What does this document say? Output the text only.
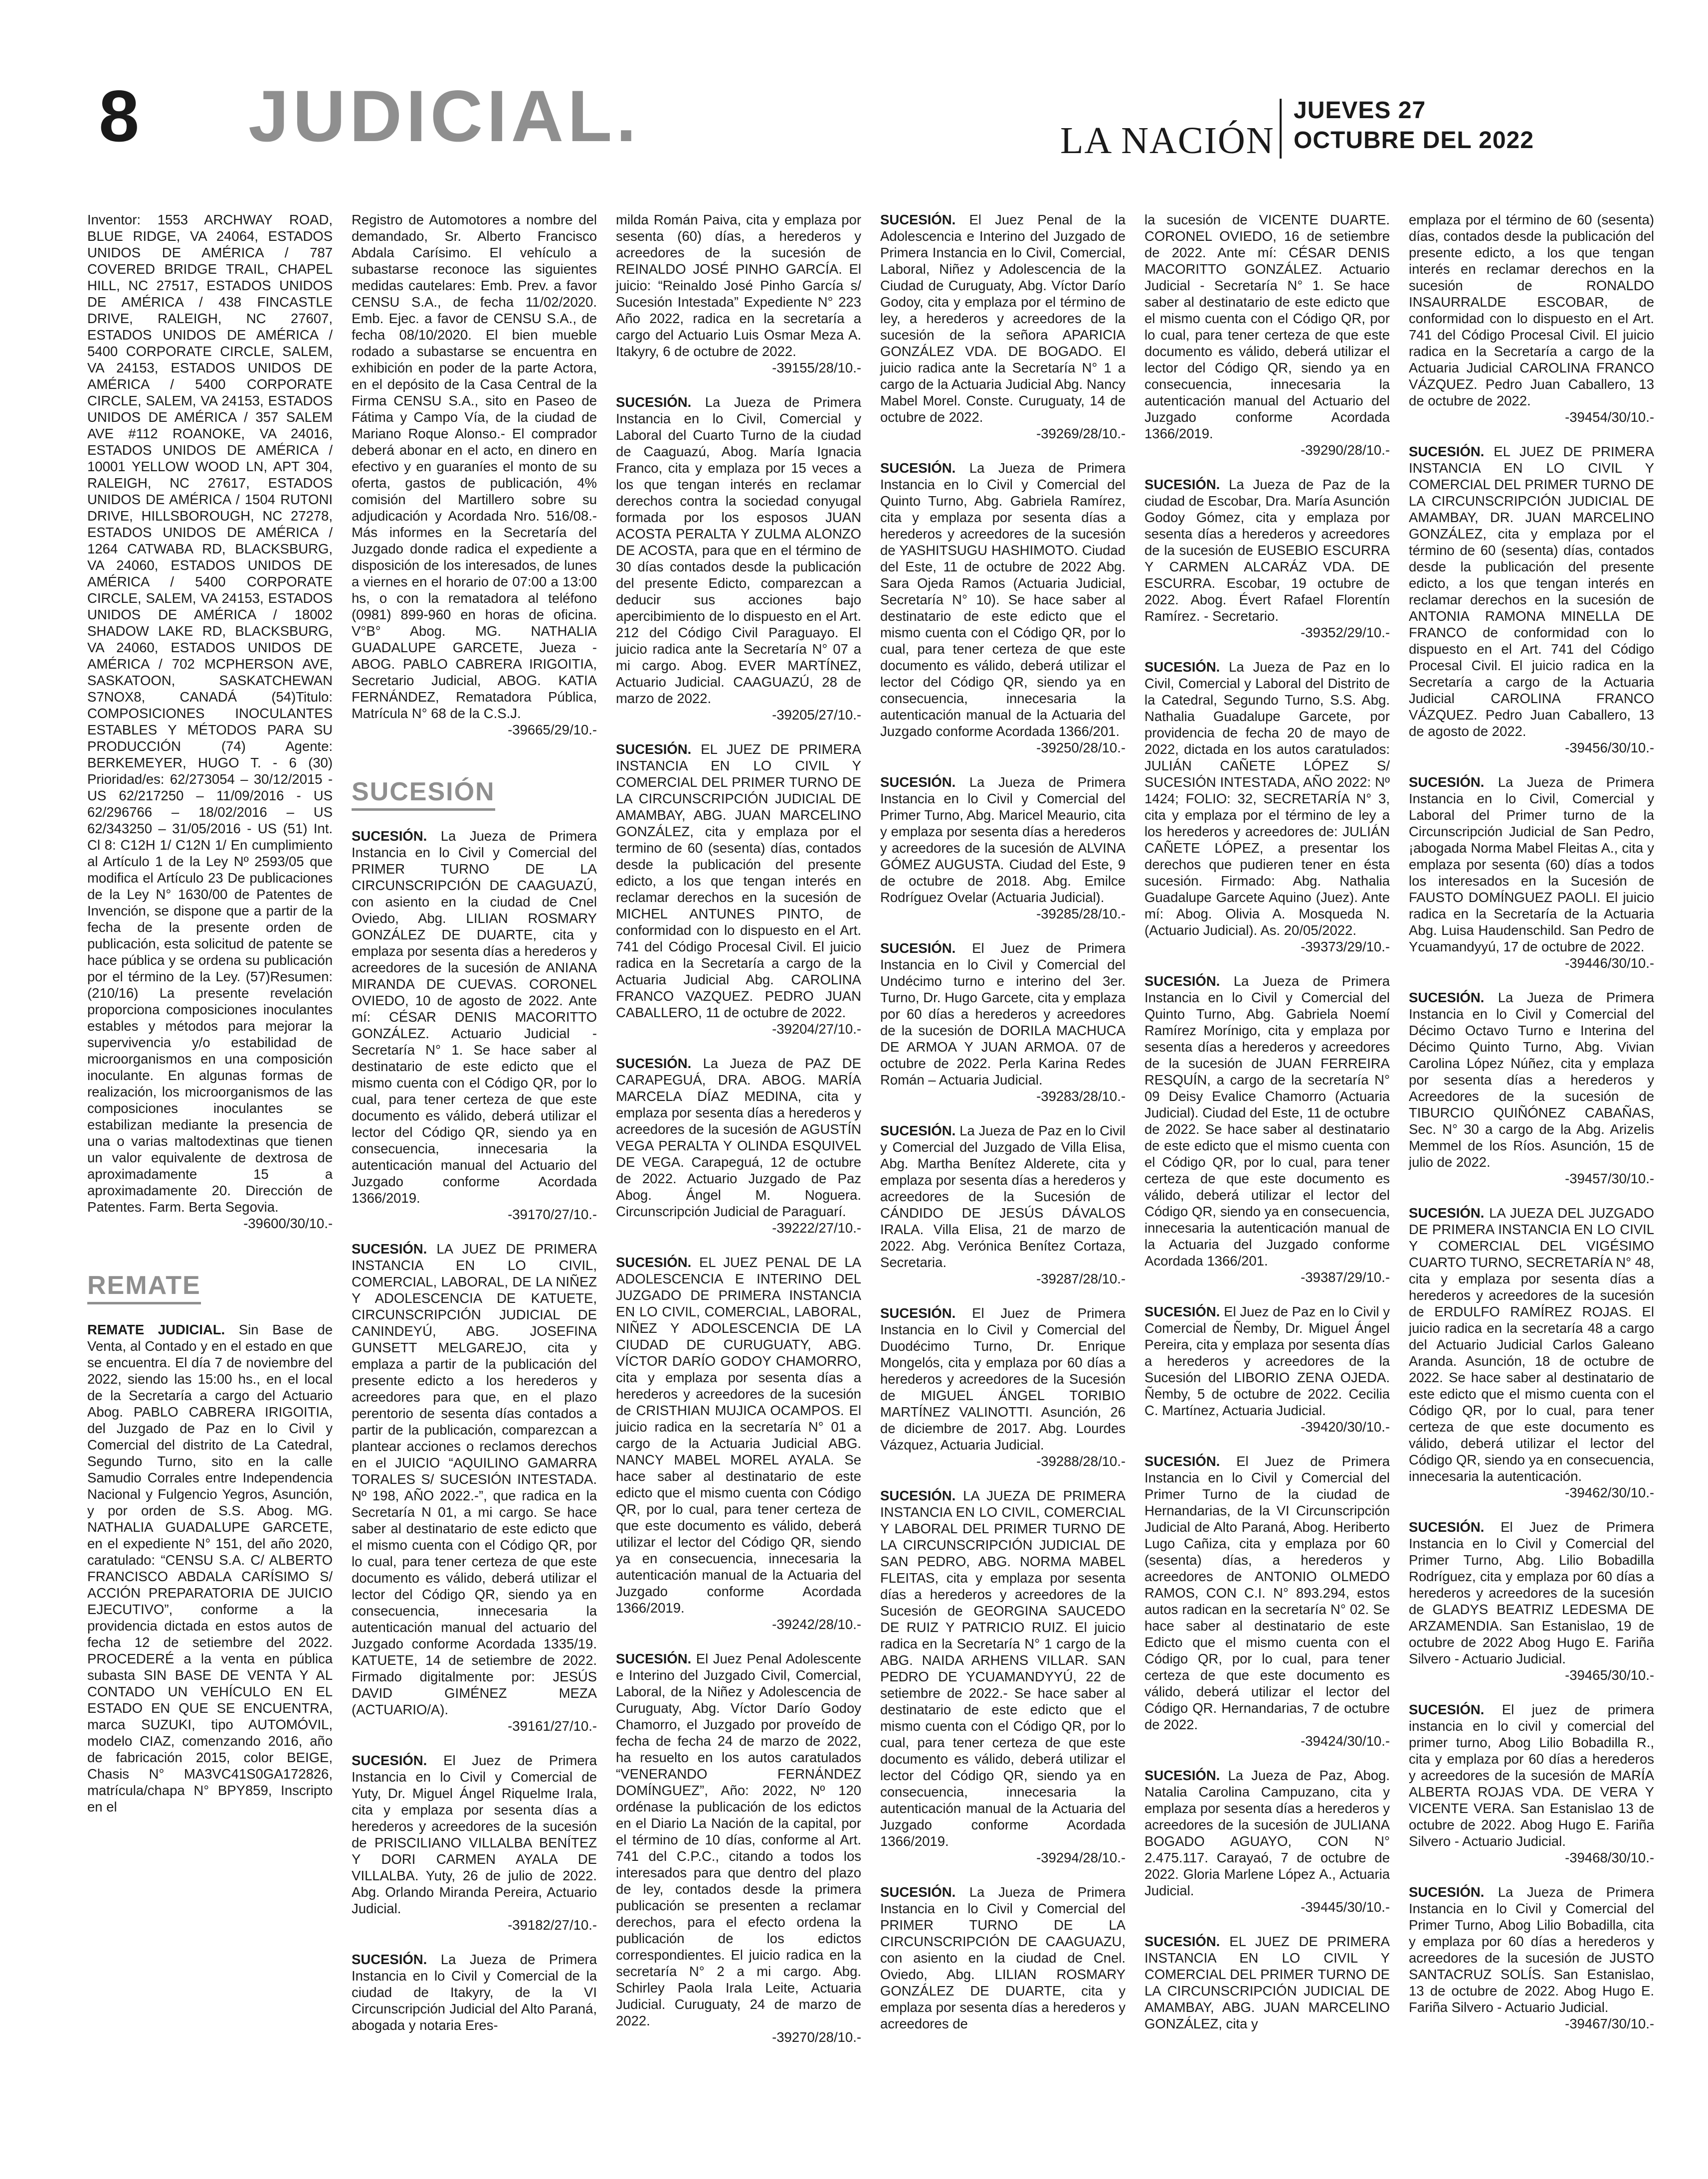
8 JUDICIAL.	LA NACIÓN
JUEVES 27
OCTUBRE DEL 2022

Inventor: 1553 ARCHWAY ROAD, BLUE RIDGE, VA 24064, ESTADOS UNIDOS DE AMÉRICA / 787 COVERED BRIDGE TRAIL, CHAPEL HILL, NC 27517, ESTADOS UNIDOS DE AMÉRICA / 438 FINCASTLE DRIVE, RALEIGH, NC 27607, ESTADOS UNIDOS DE AMÉRICA / 5400 CORPORATE CIRCLE, SALEM, VA 24153, ESTADOS UNIDOS DE AMÉRICA / 5400 CORPORATE CIRCLE, SALEM, VA 24153, ESTADOS UNIDOS DE AMÉRICA / 357 SALEM AVE #112 ROANOKE, VA 24016, ESTADOS UNIDOS DE AMÉRICA / 10001 YELLOW WOOD LN, APT 304, RALEIGH, NC 27617, ESTADOS UNIDOS DE AMÉRICA / 1504 RUTONI DRIVE, HILLSBOROUGH, NC 27278, ESTADOS UNIDOS DE AMÉRICA / 1264 CATWABA RD, BLACKSBURG, VA 24060, ESTADOS UNIDOS DE AMÉRICA / 5400 CORPORATE CIRCLE, SALEM, VA 24153, ESTADOS UNIDOS DE AMÉRICA / 18002 SHADOW LAKE RD, BLACKSBURG, VA 24060, ESTADOS UNIDOS DE AMÉRICA / 702 MCPHERSON AVE, SASKATOON, SASKATCHEWAN S7NOX8, CANADÁ (54)Titulo: COMPOSICIONES INOCULANTES ESTABLES Y MÉTODOS PARA SU PRODUCCIÓN (74) Agente: BERKEMEYER, HUGO T. - 6 (30) Prioridad/es: 62/273054 – 30/12/2015 - US 62/217250 – 11/09/2016 - US 62/296766 – 18/02/2016 – US 62/343250 – 31/05/2016 - US (51) Int. Cl 8: C12H 1/ C12N 1/ En cumplimiento al Artículo 1 de la Ley Nº 2593/05 que modifica el Artículo 23 De publicaciones de la Ley N° 1630/00 de Patentes de Invención, se dispone que a partir de la fecha de la presente orden de publicación, esta solicitud de patente se hace pública y se ordena su publicación por el término de la Ley. (57)Resumen: (210/16) La presente revelación proporciona composiciones inoculantes estables y métodos para mejorar la supervivencia y/o estabilidad de microorganismos en una composición inoculante. En algunas formas de realización, los microorganismos de las composiciones inoculantes se estabilizan mediante la presencia de una o varias maltodextinas que tienen un valor equivalente de dextrosa de aproximadamente 15 a aproximadamente 20. Dirección de Patentes. Farm. Berta Segovia.
-39600/30/10.-

REMATE

REMATE JUDICIAL. Sin Base de Venta, al Contado y en el estado en que se encuentra. El día 7 de noviembre del 2022, siendo las 15:00 hs., en el local de la Secretaría a cargo del Actuario Abog. PABLO CABRERA IRIGOITIA, del Juzgado de Paz en lo Civil y Comercial del distrito de La Catedral, Segundo Turno, sito en la calle Samudio Corrales entre Independencia Nacional y Fulgencio Yegros, Asunción, y por orden de S.S. Abog. MG. NATHALIA GUADALUPE GARCETE, en el expediente N° 151, del año 2020, caratulado: “CENSU S.A. C/ ALBERTO FRANCISCO ABDALA CARÍSIMO S/ ACCIÓN PREPARATORIA DE JUICIO EJECUTIVO”, conforme a la providencia dictada en estos autos de fecha 12 de setiembre del 2022. PROCEDERÉ a la venta en pública subasta SIN BASE DE VENTA Y AL CONTADO UN VEHÍCULO EN EL ESTADO EN QUE SE ENCUENTRA, marca SUZUKI, tipo AUTOMÓVIL, modelo CIAZ, comenzando 2016, año de fabricación 2015, color BEIGE, Chasis N° MA3VC41S0GA172826, matrícula/chapa N° BPY859, Inscripto en el

Registro de Automotores a nombre del demandado, Sr. Alberto Francisco Abdala Carísimo. El vehículo a subastarse reconoce las siguientes medidas cautelares: Emb. Prev. a favor CENSU S.A., de fecha 11/02/2020. Emb. Ejec. a favor de CENSU S.A., de fecha 08/10/2020. El bien mueble rodado a subastarse se encuentra en exhibición en poder de la parte Actora, en el depósito de la Casa Central de la Firma CENSU S.A., sito en Paseo de Fátima y Campo Vía, de la ciudad de Mariano Roque Alonso.- El comprador deberá abonar en el acto, en dinero en efectivo y en guaraníes el monto de su oferta, gastos de publicación, 4% comisión del Martillero sobre su adjudicación y Acordada Nro. 516/08.- Más informes en la Secretaría del Juzgado donde radica el expediente a disposición de los interesados, de lunes a viernes en el horario de 07:00 a 13:00 hs, o con la rematadora al teléfono (0981) 899-960 en horas de oficina. V°B° Abog. MG. NATHALIA GUADALUPE GARCETE, Jueza - ABOG. PABLO CABRERA IRIGOITIA, Secretario Judicial, ABOG. KATIA FERNÁNDEZ, Rematadora Pública, Matrícula N° 68 de la C.S.J.
-39665/29/10.-

SUCESIÓN

SUCESIÓN. La Jueza de Primera Instancia en lo Civil y Comercial del PRIMER TURNO DE LA CIRCUNSCRIPCIÓN DE CAAGUAZÚ, con asiento en la ciudad de Cnel Oviedo, Abg. LILIAN ROSMARY GONZÁLEZ DE DUARTE, cita y emplaza por sesenta días a herederos y acreedores de la sucesión de ANIANA MIRANDA DE CUEVAS. CORONEL OVIEDO, 10 de agosto de 2022. Ante mí: CÉSAR DENIS MACORITTO GONZÁLEZ. Actuario Judicial - Secretaría N° 1. Se hace saber al destinatario de este edicto que el mismo cuenta con el Código QR, por lo cual, para tener certeza de que este documento es válido, deberá utilizar el lector del Código QR, siendo ya en consecuencia, innecesaria la autenticación manual del Actuario del Juzgado conforme Acordada 1366/2019.
-39170/27/10.-

SUCESIÓN. LA JUEZ DE PRIMERA INSTANCIA EN LO CIVIL, COMERCIAL, LABORAL, DE LA NIÑEZ Y ADOLESCENCIA DE KATUETE, CIRCUNSCRIPCIÓN JUDICIAL DE CANINDEYÚ, ABG. JOSEFINA GUNSETT MELGAREJO, cita y emplaza a partir de la publicación del presente edicto a los herederos y acreedores para que, en el plazo perentorio de sesenta días contados a partir de la publicación, comparezcan a plantear acciones o reclamos derechos en el JUICIO “AQUILINO GAMARRA TORALES S/ SUCESIÓN INTESTADA. Nº 198, AÑO 2022.-”, que radica en la Secretaría N 01, a mi cargo. Se hace saber al destinatario de este edicto que el mismo cuenta con el Código QR, por lo cual, para tener certeza de que este documento es válido, deberá utilizar el lector del Código QR, siendo ya en consecuencia, innecesaria la autenticación manual del actuario del Juzgado conforme Acordada 1335/19. KATUETE, 14 de setiembre de 2022. Firmado digitalmente por: JESÚS DAVID GIMÉNEZ MEZA (ACTUARIO/A).
-39161/27/10.-

SUCESIÓN. El Juez de Primera Instancia en lo Civil y Comercial de Yuty, Dr. Miguel Ángel Riquelme Irala, cita y emplaza por sesenta días a herederos y acreedores de la sucesión de PRISCILIANO VILLALBA BENÍTEZ Y DORI CARMEN AYALA DE VILLALBA. Yuty, 26 de julio de 2022. Abg. Orlando Miranda Pereira, Actuario Judicial.
-39182/27/10.-

SUCESIÓN. La Jueza de Primera Instancia en lo Civil y Comercial de la ciudad de Itakyry, de la VI Circunscripción Judicial del Alto Paraná, abogada y notaria Eres-

milda Román Paiva, cita y emplaza por sesenta (60) días, a herederos y acreedores de la sucesión de REINALDO JOSÉ PINHO GARCÍA. El juicio: “Reinaldo José Pinho García s/ Sucesión Intestada” Expediente N° 223 Año 2022, radica en la secretaría a cargo del Actuario Luis Osmar Meza A. Itakyry, 6 de octubre de 2022.
-39155/28/10.-

SUCESIÓN. La Jueza de Primera Instancia en lo Civil, Comercial y Laboral del Cuarto Turno de la ciudad de Caaguazú, Abog. María Ignacia Franco, cita y emplaza por 15 veces a los que tengan interés en reclamar derechos contra la sociedad conyugal formada por los esposos JUAN ACOSTA PERALTA Y ZULMA ALONZO DE ACOSTA, para que en el término de 30 días contados desde la publicación del presente Edicto, comparezcan a deducir sus acciones bajo apercibimiento de lo dispuesto en el Art. 212 del Código Civil Paraguayo. El juicio radica ante la Secretaría N° 07 a mi cargo. Abog. EVER MARTÍNEZ, Actuario Judicial. CAAGUAZÚ, 28 de marzo de 2022.
-39205/27/10.-

SUCESIÓN. EL JUEZ DE PRIMERA INSTANCIA EN LO CIVIL Y COMERCIAL DEL PRIMER TURNO DE LA CIRCUNSCRIPCIÓN JUDICIAL DE AMAMBAY, ABG. JUAN MARCELINO GONZÁLEZ, cita y emplaza por el termino de 60 (sesenta) días, contados desde la publicación del presente edicto, a los que tengan interés en reclamar derechos en la sucesión de MICHEL ANTUNES PINTO, de conformidad con lo dispuesto en el Art. 741 del Código Procesal Civil. El juicio radica en la Secretaría a cargo de la Actuaria Judicial Abg. CAROLINA FRANCO VAZQUEZ. PEDRO JUAN CABALLERO, 11 de octubre de 2022.
-39204/27/10.-

SUCESIÓN. La Jueza de PAZ DE CARAPEGUÁ, DRA. ABOG. MARÍA MARCELA DÍAZ MEDINA, cita y emplaza por sesenta días a herederos y acreedores de la sucesión de AGUSTÍN VEGA PERALTA Y OLINDA ESQUIVEL DE VEGA. Carapeguá, 12 de octubre de 2022. Actuario Juzgado de Paz Abog. Ángel M. Noguera. Circunscripción Judicial de Paraguarí.
-39222/27/10.-

SUCESIÓN. EL JUEZ PENAL DE LA ADOLESCENCIA E INTERINO DEL JUZGADO DE PRIMERA INSTANCIA EN LO CIVIL, COMERCIAL, LABORAL, NIÑEZ Y ADOLESCENCIA DE LA CIUDAD DE CURUGUATY, ABG. VÍCTOR DARÍO GODOY CHAMORRO, cita y emplaza por sesenta días a herederos y acreedores de la sucesión de CRISTHIAN MUJICA OCAMPOS. El juicio radica en la secretaría N° 01 a cargo de la Actuaria Judicial ABG. NANCY MABEL MOREL AYALA. Se hace saber al destinatario de este edicto que el mismo cuenta con Código QR, por lo cual, para tener certeza de que este documento es válido, deberá utilizar el lector del Código QR, siendo ya en consecuencia, innecesaria la autenticación manual de la Actuaria del Juzgado conforme Acordada 1366/2019.
-39242/28/10.-

SUCESIÓN. El Juez Penal Adolescente e Interino del Juzgado Civil, Comercial, Laboral, de la Niñez y Adolescencia de Curuguaty, Abg. Víctor Darío Godoy Chamorro, el Juzgado por proveído de fecha de fecha 24 de marzo de 2022, ha resuelto en los autos caratulados “VENERANDO FERNÁNDEZ DOMÍNGUEZ”, Año: 2022, Nº 120 ordénase la publicación de los edictos en el Diario La Nación de la capital, por el término de 10 días, conforme al Art. 741 del C.P.C., citando a todos los interesados para que dentro del plazo de ley, contados desde la primera publicación se presenten a reclamar derechos, para el efecto ordena la publicación de los edictos correspondientes. El juicio radica en la secretaría N° 2 a mi cargo. Abg. Schirley Paola Irala Leite, Actuaria Judicial. Curuguaty, 24 de marzo de 2022.
-39270/28/10.-

SUCESIÓN. El Juez Penal de la Adolescencia e Interino del Juzgado de Primera Instancia en lo Civil, Comercial, Laboral, Niñez y Adolescencia de la Ciudad de Curuguaty, Abg. Víctor Darío Godoy, cita y emplaza por el término de ley, a herederos y acreedores de la sucesión de la señora APARICIA GONZÁLEZ VDA. DE BOGADO. El juicio radica ante la Secretaría N° 1 a cargo de la Actuaria Judicial Abg. Nancy Mabel Morel. Conste. Curuguaty, 14 de octubre de 2022.
-39269/28/10.-

SUCESIÓN. La Jueza de Primera Instancia en lo Civil y Comercial del Quinto Turno, Abg. Gabriela Ramírez, cita y emplaza por sesenta días a herederos y acreedores de la sucesión de YASHITSUGU HASHIMOTO. Ciudad del Este, 11 de octubre de 2022 Abg. Sara Ojeda Ramos (Actuaria Judicial, Secretaría N° 10). Se hace saber al destinatario de este edicto que el mismo cuenta con el Código QR, por lo cual, para tener certeza de que este documento es válido, deberá utilizar el lector del Código QR, siendo ya en consecuencia, innecesaria la autenticación manual de la Actuaria del Juzgado conforme Acordada 1366/201.
-39250/28/10.-

SUCESIÓN. La Jueza de Primera Instancia en lo Civil y Comercial del Primer Turno, Abg. Maricel Meaurio, cita y emplaza por sesenta días a herederos y acreedores de la sucesión de ALVINA GÓMEZ AUGUSTA. Ciudad del Este, 9 de octubre de 2018. Abg. Emilce Rodríguez Ovelar (Actuaria Judicial).
-39285/28/10.-

SUCESIÓN. El Juez de Primera Instancia en lo Civil y Comercial del Undécimo turno e interino del 3er. Turno, Dr. Hugo Garcete, cita y emplaza por 60 días a herederos y acreedores de la sucesión de DORILA MACHUCA DE ARMOA Y JUAN ARMOA. 07 de octubre de 2022. Perla Karina Redes Román – Actuaria Judicial.
-39283/28/10.-

SUCESIÓN. La Jueza de Paz en lo Civil y Comercial del Juzgado de Villa Elisa, Abg. Martha Benítez Alderete, cita y emplaza por sesenta días a herederos y acreedores de la Sucesión de CÁNDIDO DE JESÚS DÁVALOS IRALA. Villa Elisa, 21 de marzo de 2022. Abg. Verónica Benítez Cortaza, Secretaria.
-39287/28/10.-

SUCESIÓN. El Juez de Primera Instancia en lo Civil y Comercial del Duodécimo Turno, Dr. Enrique Mongelós, cita y emplaza por 60 días a herederos y acreedores de la Sucesión de MIGUEL ÁNGEL TORIBIO MARTÍNEZ VALINOTTI. Asunción, 26 de diciembre de 2017. Abg. Lourdes Vázquez, Actuaria Judicial.
-39288/28/10.-

SUCESIÓN. LA JUEZA DE PRIMERA INSTANCIA EN LO CIVIL, COMERCIAL Y LABORAL DEL PRIMER TURNO DE LA CIRCUNSCRIPCIÓN JUDICIAL DE SAN PEDRO, ABG. NORMA MABEL FLEITAS, cita y emplaza por sesenta días a herederos y acreedores de la Sucesión de GEORGINA SAUCEDO DE RUIZ Y PATRICIO RUIZ. El juicio radica en la Secretaría N° 1 cargo de la ABG. NAIDA ARHENS VILLAR. SAN PEDRO DE YCUAMANDYYÚ, 22 de setiembre de 2022.- Se hace saber al destinatario de este edicto que el mismo cuenta con el Código QR, por lo cual, para tener certeza de que este documento es válido, deberá utilizar el lector del Código QR, siendo ya en consecuencia, innecesaria la autenticación manual de la Actuaria del Juzgado conforme Acordada 1366/2019.
-39294/28/10.-

SUCESIÓN. La Jueza de Primera Instancia en lo Civil y Comercial del PRIMER TURNO DE LA CIRCUNSCRIPCIÓN DE CAAGUAZU, con asiento en la ciudad de Cnel. Oviedo, Abg. LILIAN ROSMARY GONZÁLEZ DE DUARTE, cita y emplaza por sesenta días a herederos y acreedores de

la sucesión de VICENTE DUARTE. CORONEL OVIEDO, 16 de setiembre de 2022. Ante mí: CÉSAR DENIS MACORITTO GONZÁLEZ. Actuario Judicial - Secretaría N° 1. Se hace saber al destinatario de este edicto que el mismo cuenta con el Código QR, por lo cual, para tener certeza de que este documento es válido, deberá utilizar el lector del Código QR, siendo ya en consecuencia, innecesaria la autenticación manual del Actuario del Juzgado conforme Acordada 1366/2019.
-39290/28/10.-

SUCESIÓN. La Jueza de Paz de la ciudad de Escobar, Dra. María Asunción Godoy Gómez, cita y emplaza por sesenta días a herederos y acreedores de la sucesión de EUSEBIO ESCURRA Y CARMEN ALCARÁZ VDA. DE ESCURRA. Escobar, 19 octubre de 2022. Abog. Évert Rafael Florentín Ramírez. - Secretario.
-39352/29/10.-

SUCESIÓN. La Jueza de Paz en lo Civil, Comercial y Laboral del Distrito de la Catedral, Segundo Turno, S.S. Abg. Nathalia Guadalupe Garcete, por providencia de fecha 20 de mayo de 2022, dictada en los autos caratulados: JULIÁN CAÑETE LÓPEZ S/ SUCESIÓN INTESTADA, AÑO 2022: Nº 1424; FOLIO: 32, SECRETARÍA N° 3, cita y emplaza por el término de ley a los herederos y acreedores de: JULIÁN CAÑETE LÓPEZ, a presentar los derechos que pudieren tener en ésta sucesión. Firmado: Abg. Nathalia Guadalupe Garcete Aquino (Juez). Ante mí: Abog. Olivia A. Mosqueda N. (Actuario Judicial). As. 20/05/2022.
-39373/29/10.-

SUCESIÓN. La Jueza de Primera Instancia en lo Civil y Comercial del Quinto Turno, Abg. Gabriela Noemí Ramírez Morínigo, cita y emplaza por sesenta días a herederos y acreedores de la sucesión de JUAN FERREIRA RESQUÍN, a cargo de la secretaría N° 09 Deisy Evalice Chamorro (Actuaria Judicial). Ciudad del Este, 11 de octubre de 2022. Se hace saber al destinatario de este edicto que el mismo cuenta con el Código QR, por lo cual, para tener certeza de que este documento es válido, deberá utilizar el lector del Código QR, siendo ya en consecuencia, innecesaria la autenticación manual de la Actuaria del Juzgado conforme Acordada 1366/201.
-39387/29/10.-

SUCESIÓN. El Juez de Paz en lo Civil y Comercial de Ñemby, Dr. Miguel Ángel Pereira, cita y emplaza por sesenta días a herederos y acreedores de la Sucesión del LIBORIO ZENA OJEDA. Ñemby, 5 de octubre de 2022. Cecilia C. Martínez, Actuaria Judicial.
-39420/30/10.-

SUCESIÓN. El Juez de Primera Instancia en lo Civil y Comercial del Primer Turno de la ciudad de Hernandarias, de la VI Circunscripción Judicial de Alto Paraná, Abog. Heriberto Lugo Cañiza, cita y emplaza por 60 (sesenta) días, a herederos y acreedores de ANTONIO OLMEDO RAMOS, CON C.I. N° 893.294, estos autos radican en la secretaría N° 02. Se hace saber al destinatario de este Edicto que el mismo cuenta con el Código QR, por lo cual, para tener certeza de que este documento es válido, deberá utilizar el lector del Código QR. Hernandarias, 7 de octubre de 2022.
-39424/30/10.-

SUCESIÓN. La Jueza de Paz, Abog. Natalia Carolina Campuzano, cita y emplaza por sesenta días a herederos y acreedores de la sucesión de JULIANA BOGADO AGUAYO, CON N° 2.475.117. Carayaó, 7 de octubre de 2022. Gloria Marlene López A., Actuaria Judicial.
-39445/30/10.-

SUCESIÓN. EL JUEZ DE PRIMERA INSTANCIA EN LO CIVIL Y COMERCIAL DEL PRIMER TURNO DE LA CIRCUNSCRIPCIÓN JUDICIAL DE AMAMBAY, ABG. JUAN MARCELINO GONZÁLEZ, cita y

emplaza por el término de 60 (sesenta) días, contados desde la publicación del presente edicto, a los que tengan interés en reclamar derechos en la sucesión de RONALDO INSAURRALDE ESCOBAR, de conformidad con lo dispuesto en el Art. 741 del Código Procesal Civil. El juicio radica en la Secretaría a cargo de la Actuaria Judicial CAROLINA FRANCO VÁZQUEZ. Pedro Juan Caballero, 13 de octubre de 2022.
-39454/30/10.-

SUCESIÓN. EL JUEZ DE PRIMERA INSTANCIA EN LO CIVIL Y COMERCIAL DEL PRIMER TURNO DE LA CIRCUNSCRIPCIÓN JUDICIAL DE AMAMBAY, DR. JUAN MARCELINO GONZÁLEZ, cita y emplaza por el término de 60 (sesenta) días, contados desde la publicación del presente edicto, a los que tengan interés en reclamar derechos en la sucesión de ANTONIA RAMONA MINELLA DE FRANCO de conformidad con lo dispuesto en el Art. 741 del Código Procesal Civil. El juicio radica en la Secretaría a cargo de la Actuaria Judicial CAROLINA FRANCO VÁZQUEZ. Pedro Juan Caballero, 13 de agosto de 2022.
-39456/30/10.-

SUCESIÓN. La Jueza de Primera Instancia en lo Civil, Comercial y Laboral del Primer turno de la Circunscripción Judicial de San Pedro, ¡abogada Norma Mabel Fleitas A., cita y emplaza por sesenta (60) días a todos los interesados en la Sucesión de FAUSTO DOMÍNGUEZ PAOLI. El juicio radica en la Secretaría de la Actuaria Abg. Luisa Haudenschild. San Pedro de Ycuamandyyú, 17 de octubre de 2022.
-39446/30/10.-

SUCESIÓN. La Jueza de Primera Instancia en lo Civil y Comercial del Décimo Octavo Turno e Interina del Décimo Quinto Turno, Abg. Vivian Carolina López Núñez, cita y emplaza por sesenta días a herederos y Acreedores de la sucesión de TIBURCIO QUIÑÓNEZ CABAÑAS, Sec. N° 30 a cargo de la Abg. Arizelis Memmel de los Ríos. Asunción, 15 de julio de 2022.
-39457/30/10.-

SUCESIÓN. LA JUEZA DEL JUZGADO DE PRIMERA INSTANCIA EN LO CIVIL Y COMERCIAL DEL VIGÉSIMO CUARTO TURNO, SECRETARÍA N° 48, cita y emplaza por sesenta días a herederos y acreedores de la sucesión de ERDULFO RAMÍREZ ROJAS. El juicio radica en la secretaría 48 a cargo del Actuario Judicial Carlos Galeano Aranda. Asunción, 18 de octubre de 2022. Se hace saber al destinatario de este edicto que el mismo cuenta con el Código QR, por lo cual, para tener certeza de que este documento es válido, deberá utilizar el lector del Código QR, siendo ya en consecuencia, innecesaria la autenticación.
-39462/30/10.-

SUCESIÓN. El Juez de Primera Instancia en lo Civil y Comercial del Primer Turno, Abg. Lilio Bobadilla Rodríguez, cita y emplaza por 60 días a herederos y acreedores de la sucesión de GLADYS BEATRIZ LEDESMA DE ARZAMENDIA. San Estanislao, 19 de octubre de 2022 Abog Hugo E. Fariña Silvero - Actuario Judicial.
-39465/30/10.-

SUCESIÓN. El juez de primera instancia en lo civil y comercial del primer turno, Abog Lilio Bobadilla R., cita y emplaza por 60 días a herederos y acreedores de la sucesión de MARÍA ALBERTA ROJAS VDA. DE VERA Y VICENTE VERA. San Estanislao 13 de octubre de 2022. Abog Hugo E. Fariña Silvero - Actuario Judicial.
-39468/30/10.-

SUCESIÓN. La Jueza de Primera Instancia en lo Civil y Comercial del Primer Turno, Abog Lilio Bobadilla, cita y emplaza por 60 días a herederos y acreedores de la sucesión de JUSTO SANTACRUZ SOLÍS. San Estanislao, 13 de octubre de 2022. Abog Hugo E. Fariña Silvero - Actuario Judicial.
-39467/30/10.-
